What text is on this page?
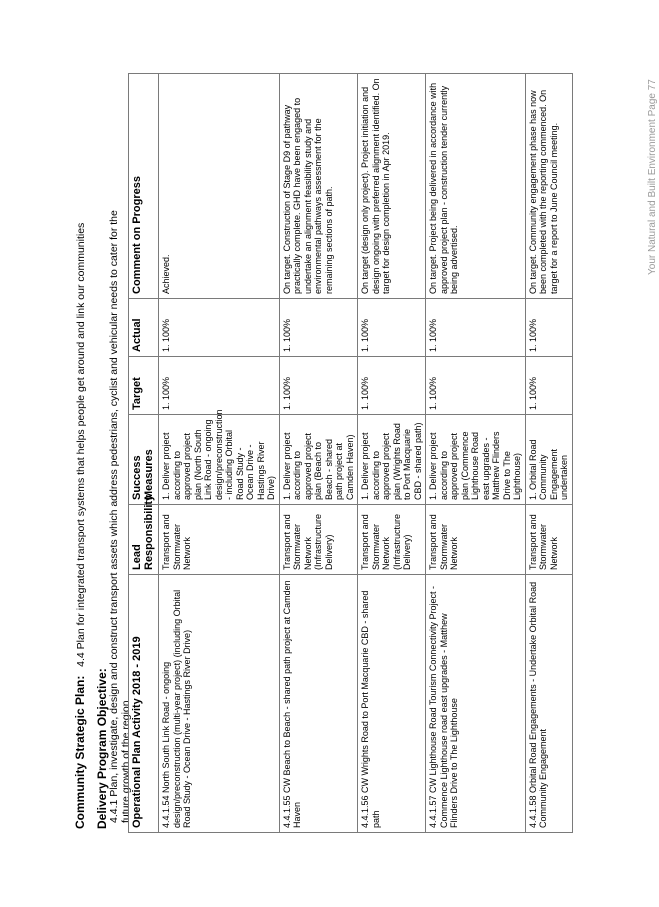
Community Strategic Plan:   4.4 Plan for integrated transport systems that helps people get around and link our communities
Delivery Program Objective: 4.4.1 Plan, investigate, design and construct transport assets which address pedestrians, cyclist and vehicular needs to cater for the future growth of the region Operational Plan Activity 2018 - 2019	Lead Responsibility	Success Measures	Target	Actual	Comment on Progress
4.4.1.54 North South Link Road - ongoing design/preconstruction (multi-year project) (including Orbital Road Study - Ocean Drive - Hastings River Drive)	Transport and Stormwater Network	1. Deliver project according to approved project plan (North South Link Road - ongoing design/preconstruction - including Orbital Road Study - Ocean Drive - Hastings River Drive)	1. 100%	1. 100%	Achieved.
4.4.1.55 CW Beach to Beach - shared path project at Camden Haven	Transport and Stormwater Network (Infrastructure Delivery)	1. Deliver project according to approved project plan (Beach to Beach - shared path project at Camden Haven)	1. 100%	1. 100%	On target. Construction of Stage D9 of pathway practically complete. GHD have been engaged to undertake an alignment feasibility study and environmental pathways assessment for the remaining sections of path.
4.4.1.56 CW Wrights Road to Port Macquarie CBD - shared path	Transport and Stormwater Network (Infrastructure Delivery)	1. Deliver project according to approved project plan (Wrights Road to Port Macquarie CBD - shared path)	1. 100%	1. 100%	On target (design only project). Project initiation and design ongoing with preferred alignment identified. On target for design completion in Apr 2019.
4.4.1.57 CW Lighthouse Road Tourism Connectivity Project - Commence Lighthouse road east upgrades - Matthew Flinders Drive to The Lighthouse	Transport and Stormwater Network	1. Deliver project according to approved project plan (Commence Lighthouse Road east upgrades - Matthew Flinders Drive to The Lighthouse)	1. 100%	1. 100%	On target. Project being delivered in accordance with approved project plan - construction tender currently being advertised.
4.4.1.58 Orbital Road Engagements - Undertake Orbital Road Community Engagement	Transport and Stormwater Network	1. Orbital Road Community Engagement undertaken	1. 100%	1. 100%	On target. Community engagement phase has now been completed with the reporting commenced. On target for a report to June Council meeting.	Your Natural and Built Environment Page 77
